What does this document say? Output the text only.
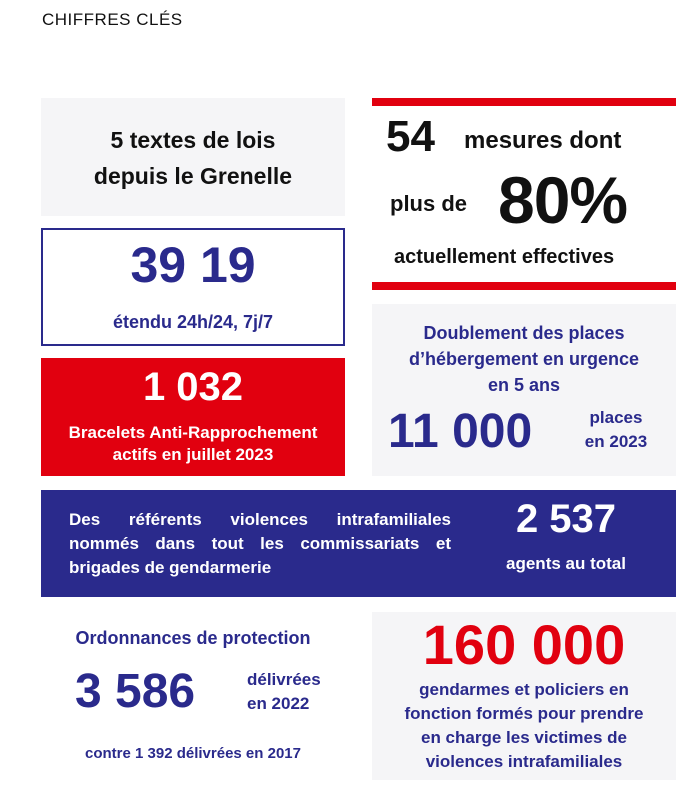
CHIFFRES CLÉS
5 textes de lois
depuis le Grenelle
54 mesures dont
plus de 80%
actuellement effectives
39 19
étendu 24h/24, 7j/7
1 032
Bracelets Anti-Rapprochement
actifs en juillet 2023
Doublement des places
d’hébergement en urgence
en 5 ans
11 000	places
en 2023
Des référents violences intrafamiliales
nommés dans tout les commissariats et
brigades de gendarmerie
2 537
agents au total
Ordonnances de protection
3 586	délivrées
en 2022
contre 1 392 délivrées en 2017
160 000
gendarmes et policiers en
fonction formés pour prendre
en charge les victimes de
violences intrafamiliales
